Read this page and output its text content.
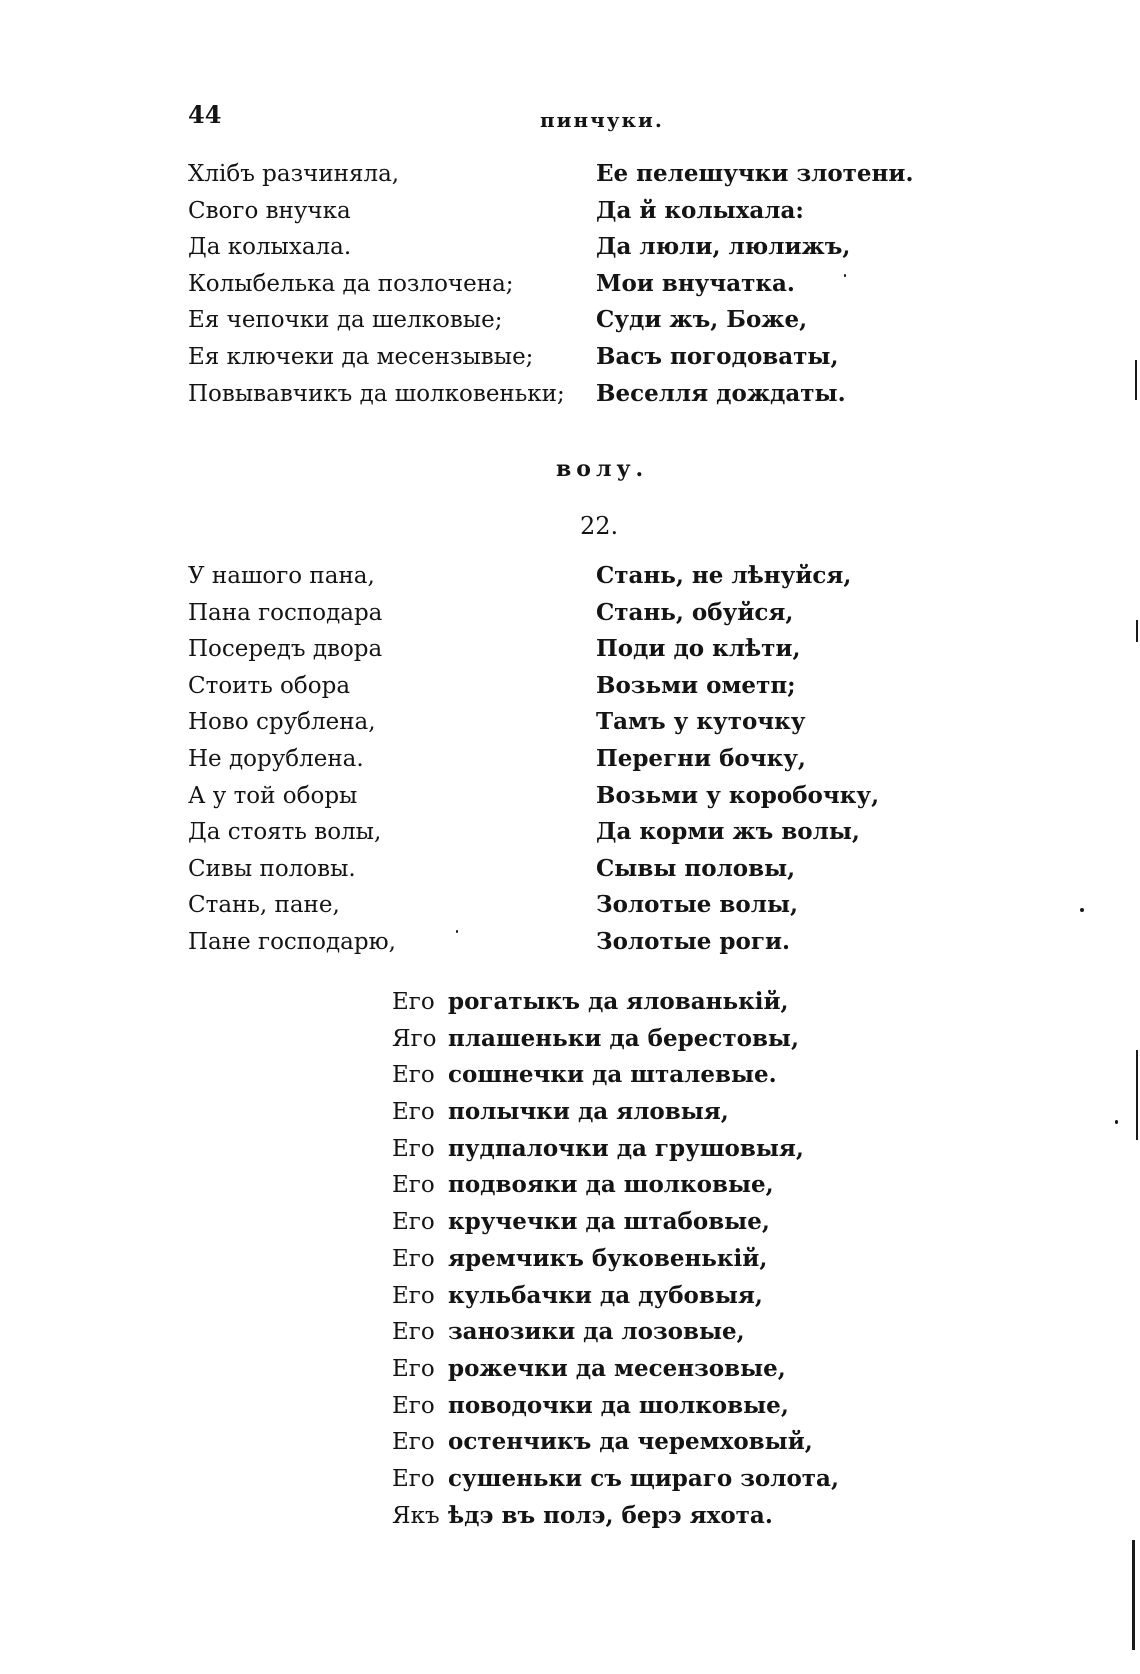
44	пинчуки.
Хлібъ разчиняла,
Свого внучка
Да колыхала.
Колыбелька да позлочена;
Ея чепочки да шелковые;
Ея ключеки да месензывые;
Повывавчикъ да шолковеньки;
Ее пелешучки злотени.
Да й колыхала:
Да люли, люлижъ,
Мои внучатка.
Суди жъ, Боже,
Васъ погодоваты,
Веселля дождаты.
волу.
22.
У нашого пана,
Пана господара
Посередъ двора
Стоить обора
Ново срублена,
Не дорублена.
А у той оборы
Да стоять волы,
Сивы половы.
Стань, пане,
Пане господарю,
Стань, не лѣнуйся,
Стань, обуйся,
Поди до клѣти,
Возьми ометп;
Тамъ у куточку
Перегни бочку,
Возьми у коробочку,
Да корми жъ волы,
Сывы половы,
Золотые волы,
Золотые роги.
Его рогатыкъ да ялованькій,
Яго плашеньки да берестовы,
Его сошнечки да шталевые.
Его полычки да яловыя,
Его пудпалочки да грушовыя,
Его подвояки да шолковые,
Его кручечки да штабовые,
Его яремчикъ буковенькій,
Его кульбачки да дубовыя,
Его занозики да лозовые,
Его рожечки да месензовые,
Его поводочки да шолковые,
Его остенчикъ да черемховый,
Его сушеньки съ щираго золота,
Якъ ѣдэ въ полэ, берэ яхота.
